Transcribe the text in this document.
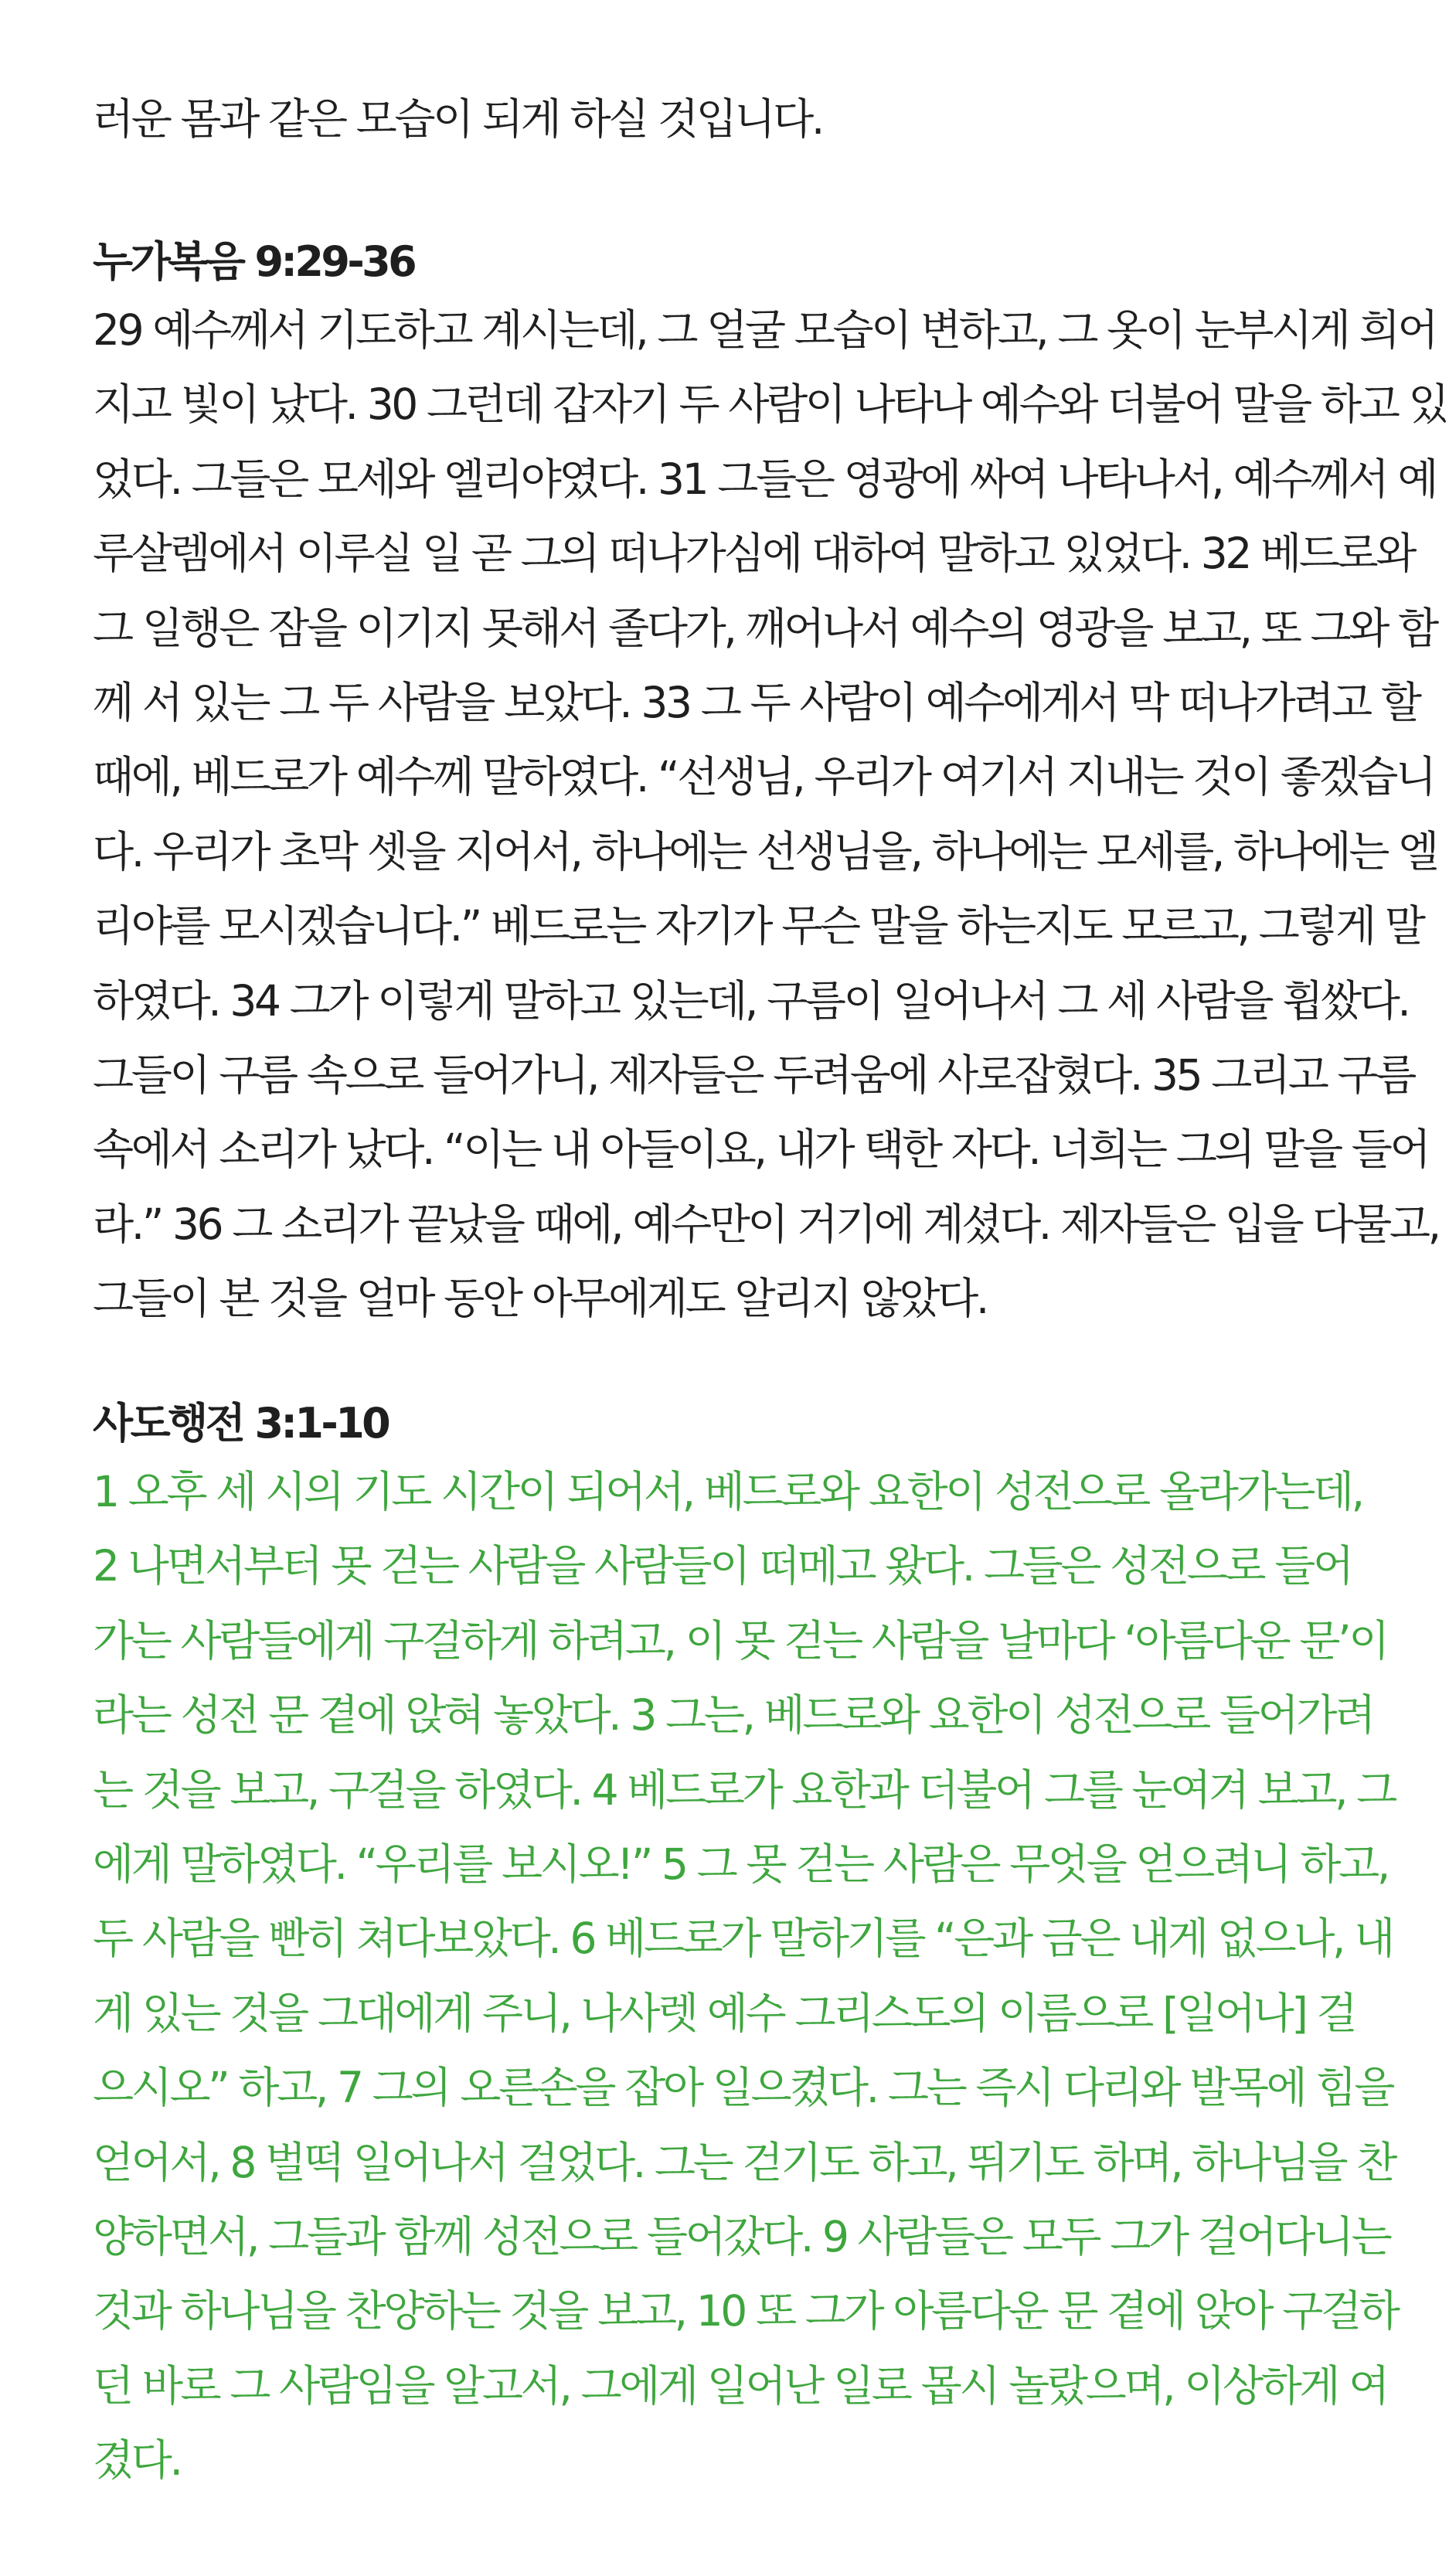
러운 몸과 같은 모습이 되게 하실 것입니다.

누가복음 9:29-36
29 예수께서 기도하고 계시는데, 그 얼굴 모습이 변하고, 그 옷이 눈부시게 희어
지고 빛이 났다. 30 그런데 갑자기 두 사람이 나타나 예수와 더불어 말을 하고 있
었다. 그들은 모세와 엘리야였다. 31 그들은 영광에 싸여 나타나서, 예수께서 예
루살렘에서 이루실 일 곧 그의 떠나가심에 대하여 말하고 있었다. 32 베드로와
그 일행은 잠을 이기지 못해서 졸다가, 깨어나서 예수의 영광을 보고, 또 그와 함
께 서 있는 그 두 사람을 보았다. 33 그 두 사람이 예수에게서 막 떠나가려고 할
때에, 베드로가 예수께 말하였다. “선생님, 우리가 여기서 지내는 것이 좋겠습니
다. 우리가 초막 셋을 지어서, 하나에는 선생님을, 하나에는 모세를, 하나에는 엘
리야를 모시겠습니다.” 베드로는 자기가 무슨 말을 하는지도 모르고, 그렇게 말
하였다. 34 그가 이렇게 말하고 있는데, 구름이 일어나서 그 세 사람을 휩쌌다.
그들이 구름 속으로 들어가니, 제자들은 두려움에 사로잡혔다. 35 그리고 구름
속에서 소리가 났다. “이는 내 아들이요, 내가 택한 자다. 너희는 그의 말을 들어
라.” 36 그 소리가 끝났을 때에, 예수만이 거기에 계셨다. 제자들은 입을 다물고,
그들이 본 것을 얼마 동안 아무에게도 알리지 않았다.
사도행전 3:1-10
1 오후 세 시의 기도 시간이 되어서, 베드로와 요한이 성전으로 올라가는데,
2 나면서부터 못 걷는 사람을 사람들이 떠메고 왔다. 그들은 성전으로 들어
가는 사람들에게 구걸하게 하려고, 이 못 걷는 사람을 날마다 ‘아름다운 문’이
라는 성전 문 곁에 앉혀 놓았다. 3 그는, 베드로와 요한이 성전으로 들어가려
는 것을 보고, 구걸을 하였다. 4 베드로가 요한과 더불어 그를 눈여겨 보고, 그
에게 말하였다. “우리를 보시오!” 5 그 못 걷는 사람은 무엇을 얻으려니 하고,
두 사람을 빤히 쳐다보았다. 6 베드로가 말하기를 “은과 금은 내게 없으나, 내
게 있는 것을 그대에게 주니, 나사렛 예수 그리스도의 이름으로 [일어나] 걸
으시오” 하고, 7 그의 오른손을 잡아 일으켰다. 그는 즉시 다리와 발목에 힘을
얻어서, 8 벌떡 일어나서 걸었다. 그는 걷기도 하고, 뛰기도 하며, 하나님을 찬
양하면서, 그들과 함께 성전으로 들어갔다. 9 사람들은 모두 그가 걸어다니는
것과 하나님을 찬양하는 것을 보고, 10 또 그가 아름다운 문 곁에 앉아 구걸하
던 바로 그 사람임을 알고서, 그에게 일어난 일로 몹시 놀랐으며, 이상하게 여
겼다.
